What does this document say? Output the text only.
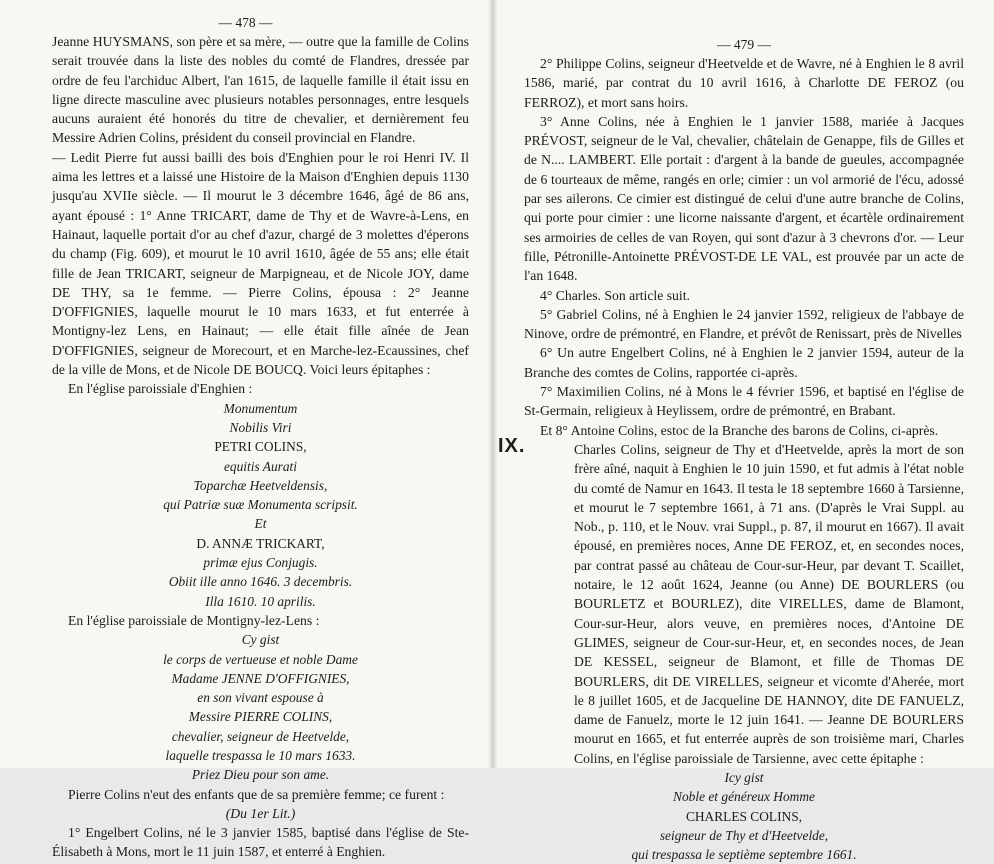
— 478 —

Jeanne HUYSMANS, son père et sa mère, — outre que la famille de Colins serait trouvée dans la liste des nobles du comté de Flandres, dressée par ordre de feu l'archiduc Albert, l'an 1615, de laquelle famille il était issu en ligne directe masculine avec plusieurs notables personnages, entre lesquels aucuns auraient été honorés du titre de chevalier, et dernièrement feu Messire Adrien Colins, président du conseil provincial en Flandre.

— Ledit Pierre fut aussi bailli des bois d'Enghien pour le roi Henri IV. Il aima les lettres et a laissé une Histoire de la Maison d'Enghien depuis 1130 jusqu'au XVIIe siècle. — Il mourut le 3 décembre 1646, âgé de 86 ans, ayant épousé : 1° Anne TRICART, dame de Thy et de Wavre-à-Lens, en Hainaut, laquelle portait d'or au chef d'azur, chargé de 3 molettes d'éperons du champ (Fig. 609), et mourut le 10 avril 1610, âgée de 55 ans; elle était fille de Jean TRICART, seigneur de Marpigneau, et de Nicole JOY, dame DE THY, sa 1e femme. — Pierre Colins, épousa : 2° Jeanne D'OFFIGNIES, laquelle mourut le 10 mars 1633, et fut enterrée à Montigny-lez Lens, en Hainaut; — elle était fille aînée de Jean D'OFFIGNIES, seigneur de Morecourt, et en Marche-lez-Ecaussines, chef de la ville de Mons, et de Nicole DE BOUCQ. Voici leurs épitaphes :

En l'église paroissiale d'Enghien :

Monumentum

Nobilis Viri

PETRI COLINS,

equitis Aurati

Toparchæ Heetveldensis,

qui Patriæ suæ Monumenta scripsit.

Et

D. ANNÆ TRICKART,

primæ ejus Conjugis.

Obiit ille anno 1646. 3 decembris.

Illa 1610. 10 aprilis.

En l'église paroissiale de Montigny-lez-Lens :

Cy gist

le corps de vertueuse et noble Dame

Madame JENNE D'OFFIGNIES,

en son vivant espouse à

Messire PIERRE COLINS,

chevalier, seigneur de Heetvelde,

laquelle trespassa le 10 mars 1633.

Priez Dieu pour son ame.

Pierre Colins n'eut des enfants que de sa première femme; ce furent :

(Du 1er Lit.)

1° Engelbert Colins, né le 3 janvier 1585, baptisé dans l'église de Ste-Élisabeth à Mons, mort le 11 juin 1587, et enterré à Enghien.

— 479 —

2° Philippe Colins, seigneur d'Heetvelde et de Wavre, né à Enghien le 8 avril 1586, marié, par contrat du 10 avril 1616, à Charlotte DE FEROZ (ou FERROZ), et mort sans hoirs.

3° Anne Colins, née à Enghien le 1 janvier 1588, mariée à Jacques PRÉVOST, seigneur de le Val, chevalier, châtelain de Genappe, fils de Gilles et de N.... LAMBERT. Elle portait : d'argent à la bande de gueules, accompagnée de 6 tourteaux de même, rangés en orle; cimier : un vol armorié de l'écu, adossé par ses ailerons. Ce cimier est distingué de celui d'une autre branche de Colins, qui porte pour cimier : une licorne naissante d'argent, et écartèle ordinairement ses armoiries de celles de van Royen, qui sont d'azur à 3 chevrons d'or. — Leur fille, Pétronille-Antoinette PRÉVOST-DE LE VAL, est prouvée par un acte de l'an 1648.

4° Charles. Son article suit.

5° Gabriel Colins, né à Enghien le 24 janvier 1592, religieux de l'abbaye de Ninove, ordre de prémontré, en Flandre, et prévôt de Renissart, près de Nivelles

6° Un autre Engelbert Colins, né à Enghien le 2 janvier 1594, auteur de la Branche des comtes de Colins, rapportée ci-après.

7° Maximilien Colins, né à Mons le 4 février 1596, et baptisé en l'église de St-Germain, religieux à Heylissem, ordre de prémontré, en Brabant.

Et 8° Antoine Colins, estoc de la Branche des barons de Colins, ci-après.

IX.	Charles Colins, seigneur de Thy et d'Heetvelde, après la mort de son frère aîné, naquit à Enghien le 10 juin 1590, et fut admis à l'état noble du comté de Namur en 1643. Il testa le 18 septembre 1660 à Tarsienne, et mourut le 7 septembre 1661, à 71 ans. (D'après le Vrai Suppl. au Nob., p. 110, et le Nouv. vrai Suppl., p. 87, il mourut en 1667). Il avait épousé, en premières noces, Anne DE FEROZ, et, en secondes noces, par contrat passé au château de Cour-sur-Heur, par devant T. Scaillet, notaire, le 12 août 1624, Jeanne (ou Anne) DE BOURLERS (ou BOURLETZ et BOURLEZ), dite VIRELLES, dame de Blamont, Cour-sur-Heur, alors veuve, en premières noces, d'Antoine DE GLIMES, seigneur de Cour-sur-Heur, et, en secondes noces, de Jean DE KESSEL, seigneur de Blamont, et fille de Thomas DE BOURLERS, dit DE VIRELLES, seigneur et vicomte d'Aherée, mort le 8 juillet 1605, et de Jacqueline DE HANNOY, dite DE FANUELZ, dame de Fanuelz, morte le 12 juin 1641. — Jeanne DE BOURLERS mourut en 1665, et fut enterrée auprès de son troisième mari, Charles Colins, en l'église paroissiale de Tarsienne, avec cette épitaphe :

Icy gist

Noble et généreux Homme

CHARLES COLINS,

seigneur de Thy et d'Heetvelde,

qui trespassa le septième septembre 1661.
